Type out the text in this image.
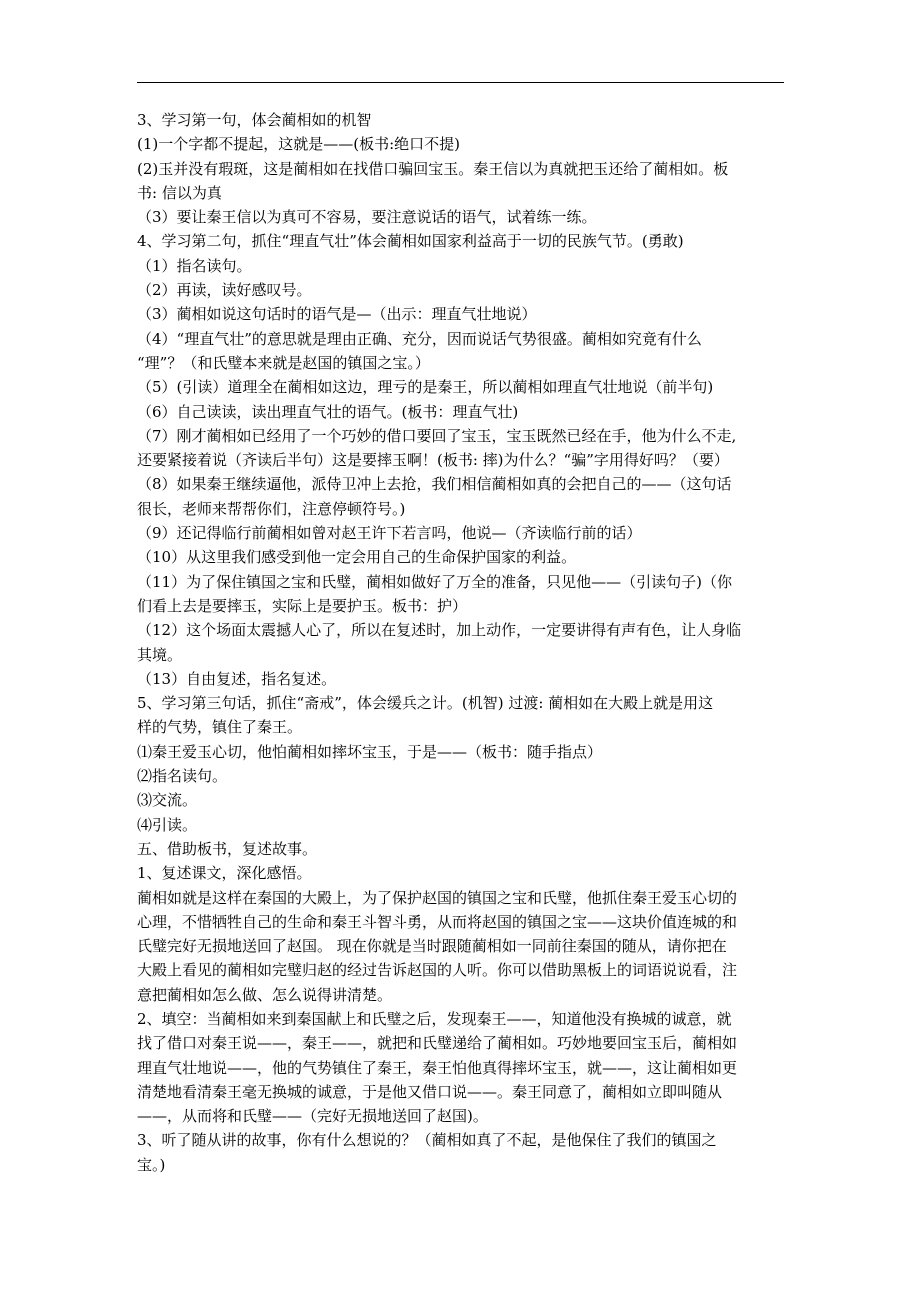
3、学习第一句，体会蔺相如的机智
(1)一个字都不提起，这就是——(板书:绝口不提)
(2)玉并没有瑕斑，这是蔺相如在找借口骗回宝玉。秦王信以为真就把玉还给了蔺相如。板
书: 信以为真
（3）要让秦王信以为真可不容易，要注意说话的语气，试着练一练。
4、学习第二句，抓住“理直气壮”体会蔺相如国家利益高于一切的民族气节。(勇敢)
（1）指名读句。
（2）再读，读好感叹号。
（3）蔺相如说这句话时的语气是—（出示：理直气壮地说）
（4）“理直气壮”的意思就是理由正确、充分，因而说话气势很盛。蔺相如究竟有什么
“理”？（和氏璧本来就是赵国的镇国之宝。）
（5）(引读）道理全在蔺相如这边，理亏的是秦王，所以蔺相如理直气壮地说（前半句)
（6）自己读读，读出理直气壮的语气。(板书：理直气壮)
（7）刚才蔺相如已经用了一个巧妙的借口要回了宝玉，宝玉既然已经在手，他为什么不走,
还要紧接着说（齐读后半句）这是要摔玉啊！(板书: 摔)为什么？“骗”字用得好吗？（要）
（8）如果秦王继续逼他，派侍卫冲上去抢，我们相信蔺相如真的会把自己的——（这句话
很长，老师来帮帮你们，注意停顿符号。)
（9）还记得临行前蔺相如曾对赵王许下若言吗，他说—（齐读临行前的话）
（10）从这里我们感受到他一定会用自己的生命保护国家的利益。
（11）为了保住镇国之宝和氏璧，蔺相如做好了万全的准备，只见他——（引读句子)（你
们看上去是要摔玉，实际上是要护玉。板书：护）
（12）这个场面太震撼人心了，所以在复述时，加上动作，一定要讲得有声有色，让人身临
其境。
（13）自由复述，指名复述。
5、学习第三句话，抓住“斋戒”，体会缓兵之计。(机智) 过渡: 蔺相如在大殿上就是用这
样的气势，镇住了秦王。
⑴秦王爱玉心切，他怕蔺相如摔坏宝玉，于是——（板书：随手指点）
⑵指名读句。
⑶交流。
⑷引读。
五、借助板书，复述故事。
1、复述课文，深化感悟。
蔺相如就是这样在秦国的大殿上，为了保护赵国的镇国之宝和氏璧，他抓住秦王爱玉心切的
心理，不惜牺牲自己的生命和秦王斗智斗勇，从而将赵国的镇国之宝——这块价值连城的和
氏璧完好无损地送回了赵国。 现在你就是当时跟随蔺相如一同前往秦国的随从，请你把在
大殿上看见的蔺相如完璧归赵的经过告诉赵国的人听。你可以借助黑板上的词语说说看，注
意把蔺相如怎么做、怎么说得讲清楚。
2、填空：当蔺相如来到秦国献上和氏璧之后，发现秦王——，知道他没有换城的诚意，就
找了借口对秦王说——，秦王——，就把和氏璧递给了蔺相如。巧妙地要回宝玉后，蔺相如
理直气壮地说——，他的气势镇住了秦王，秦王怕他真得摔坏宝玉，就——，这让蔺相如更
清楚地看清秦王毫无换城的诚意，于是他又借口说——。秦王同意了，蔺相如立即叫随从
——，从而将和氏璧——（完好无损地送回了赵国)。
3、听了随从讲的故事，你有什么想说的？（蔺相如真了不起，是他保住了我们的镇国之
宝。)
